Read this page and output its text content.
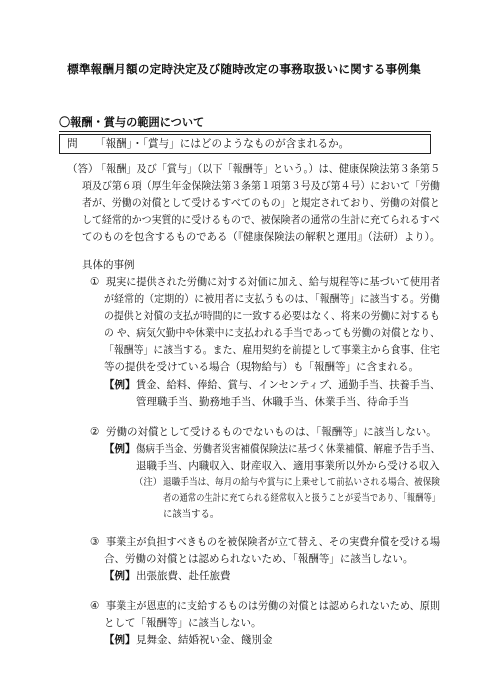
標準報酬月額の定時決定及び随時改定の事務取扱いに関する事例集
〇報酬・賞与の範囲について
問 「報酬」・「賞与」にはどのようなものが含まれるか。
（答）
「報酬」及び「賞与」（以下「報酬等」という。）は、健康保険法第３条第５
項及び第６項（厚生年金保険法第３条第１項第３号及び第４号）において「労働
者が、労働の対償として受けるすべてのもの」と規定されており、労働の対償と
して経常的かつ実質的に受けるもので、被保険者の通常の生計に充てられるすべ
てのものを包含するものである（『健康保険法の解釈と運用』（法研）より）。
具体的事例
① 現実に提供された労働に対する対価に加え、給与規程等に基づいて使用者
が経常的（定期的）に被用者に支払うものは、「報酬等」に該当する。労働
の提供と対償の支払が時間的に一致する必要はなく、将来の労働に対するも
の や、病気欠勤中や休業中に支払われる手当であっても労働の対償となり、
「報酬等」に該当する。また、雇用契約を前提として事業主から食事、住宅
等の提供を受けている場合（現物給与）も「報酬等」に含まれる。
【例】 賃金、給料、俸給、賞与、インセンティブ、通勤手当、扶養手当、
管理職手当、勤務地手当、休職手当、休業手当、待命手当
② 労働の対償として受けるものでないものは、「報酬等」に該当しない。
【例】 傷病手当金、労働者災害補償保険法に基づく休業補償、解雇予告手当、
退職手当、内職収入、財産収入、適用事業所以外から受ける収入
（注） 退職手当は、毎月の給与や賞与に上乗せして前払いされる場合、被保険
者の通常の生計に充てられる経常収入と扱うことが妥当であり、「報酬等」
に該当する。
③ 事業主が負担すべきものを被保険者が立て替え、その実費弁償を受ける場
合、労働の対償とは認められないため、「報酬等」に該当しない。
【例】 出張旅費、赴任旅費
④ 事業主が恩恵的に支給するものは労働の対償とは認められないため、原則
として「報酬等」に該当しない。
【例】 見舞金、結婚祝い金、餞別金
